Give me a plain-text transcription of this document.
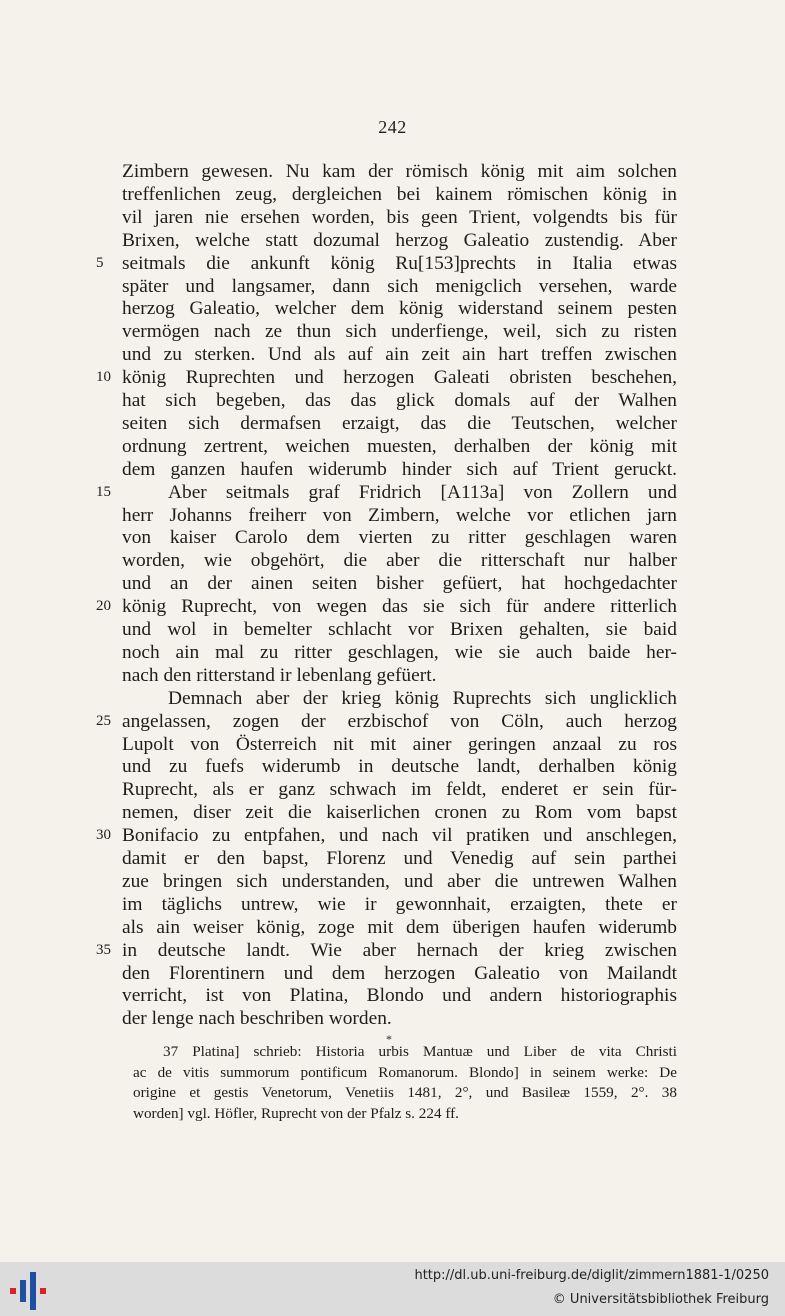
242
Zimbern gewesen. Nu kam der römisch könig mit aim solchen
treffenlichen zeug, dergleichen bei kainem römischen könig in
vil jaren nie ersehen worden, bis geen Trient, volgendts bis für
Brixen, welche statt dozumal herzog Galeatio zustendig. Aber
seitmals die ankunft könig Ru[153]prechts in Italia etwas
5
später und langsamer, dann sich menigclich versehen, warde
herzog Galeatio, welcher dem könig widerstand seinem pesten
vermögen nach ze thun sich underfienge, weil, sich zu risten
und zu sterken. Und als auf ain zeit ain hart treffen zwischen
könig Ruprechten und herzogen Galeati obristen beschehen,
10
hat sich begeben, das das glick domals auf der Walhen
seiten sich dermafsen erzaigt, das die Teutschen, welcher
ordnung zertrent, weichen muesten, derhalben der könig mit
dem ganzen haufen widerumb hinder sich auf Trient geruckt.
Aber seitmals graf Fridrich [A113a] von Zollern und
15
herr Johanns freiherr von Zimbern, welche vor etlichen jarn
von kaiser Carolo dem vierten zu ritter geschlagen waren
worden, wie obgehört, die aber die ritterschaft nur halber
und an der ainen seiten bisher gefüert, hat hochgedachter
könig Ruprecht, von wegen das sie sich für andere ritterlich
20
und wol in bemelter schlacht vor Brixen gehalten, sie baid
noch ain mal zu ritter geschlagen, wie sie auch baide her-
nach den ritterstand ir lebenlang gefüert.
Demnach aber der krieg könig Ruprechts sich unglicklich
angelassen, zogen der erzbischof von Cöln, auch herzog
25
Lupolt von Österreich nit mit ainer geringen anzaal zu ros
und zu fuefs widerumb in deutsche landt, derhalben könig
Ruprecht, als er ganz schwach im feldt, enderet er sein für-
nemen, diser zeit die kaiserlichen cronen zu Rom vom bapst
Bonifacio zu entpfahen, und nach vil pratiken und anschlegen,
30
damit er den bapst, Florenz und Venedig auf sein parthei
zue bringen sich understanden, und aber die untrewen Walhen
im täglichs untrew, wie ir gewonnhait, erzaigten, thete er
als ain weiser könig, zoge mit dem überigen haufen widerumb
in deutsche landt. Wie aber hernach der krieg zwischen
35
den Florentinern und dem herzogen Galeatio von Mailandt
verricht, ist von Platina, Blondo und andern historiographis
der lenge nach beschriben worden.
*
37 Platina] schrieb: Historia urbis Mantuæ und Liber de vita Christi
ac de vitis summorum pontificum Romanorum. Blondo] in seinem werke: De
origine et gestis Venetorum, Venetiis 1481, 2°, und Basileæ 1559, 2°. 38
worden] vgl. Höfler, Ruprecht von der Pfalz s. 224 ff.
http://dl.ub.uni-freiburg.de/diglit/zimmern1881-1/0250
© Universitätsbibliothek Freiburg
